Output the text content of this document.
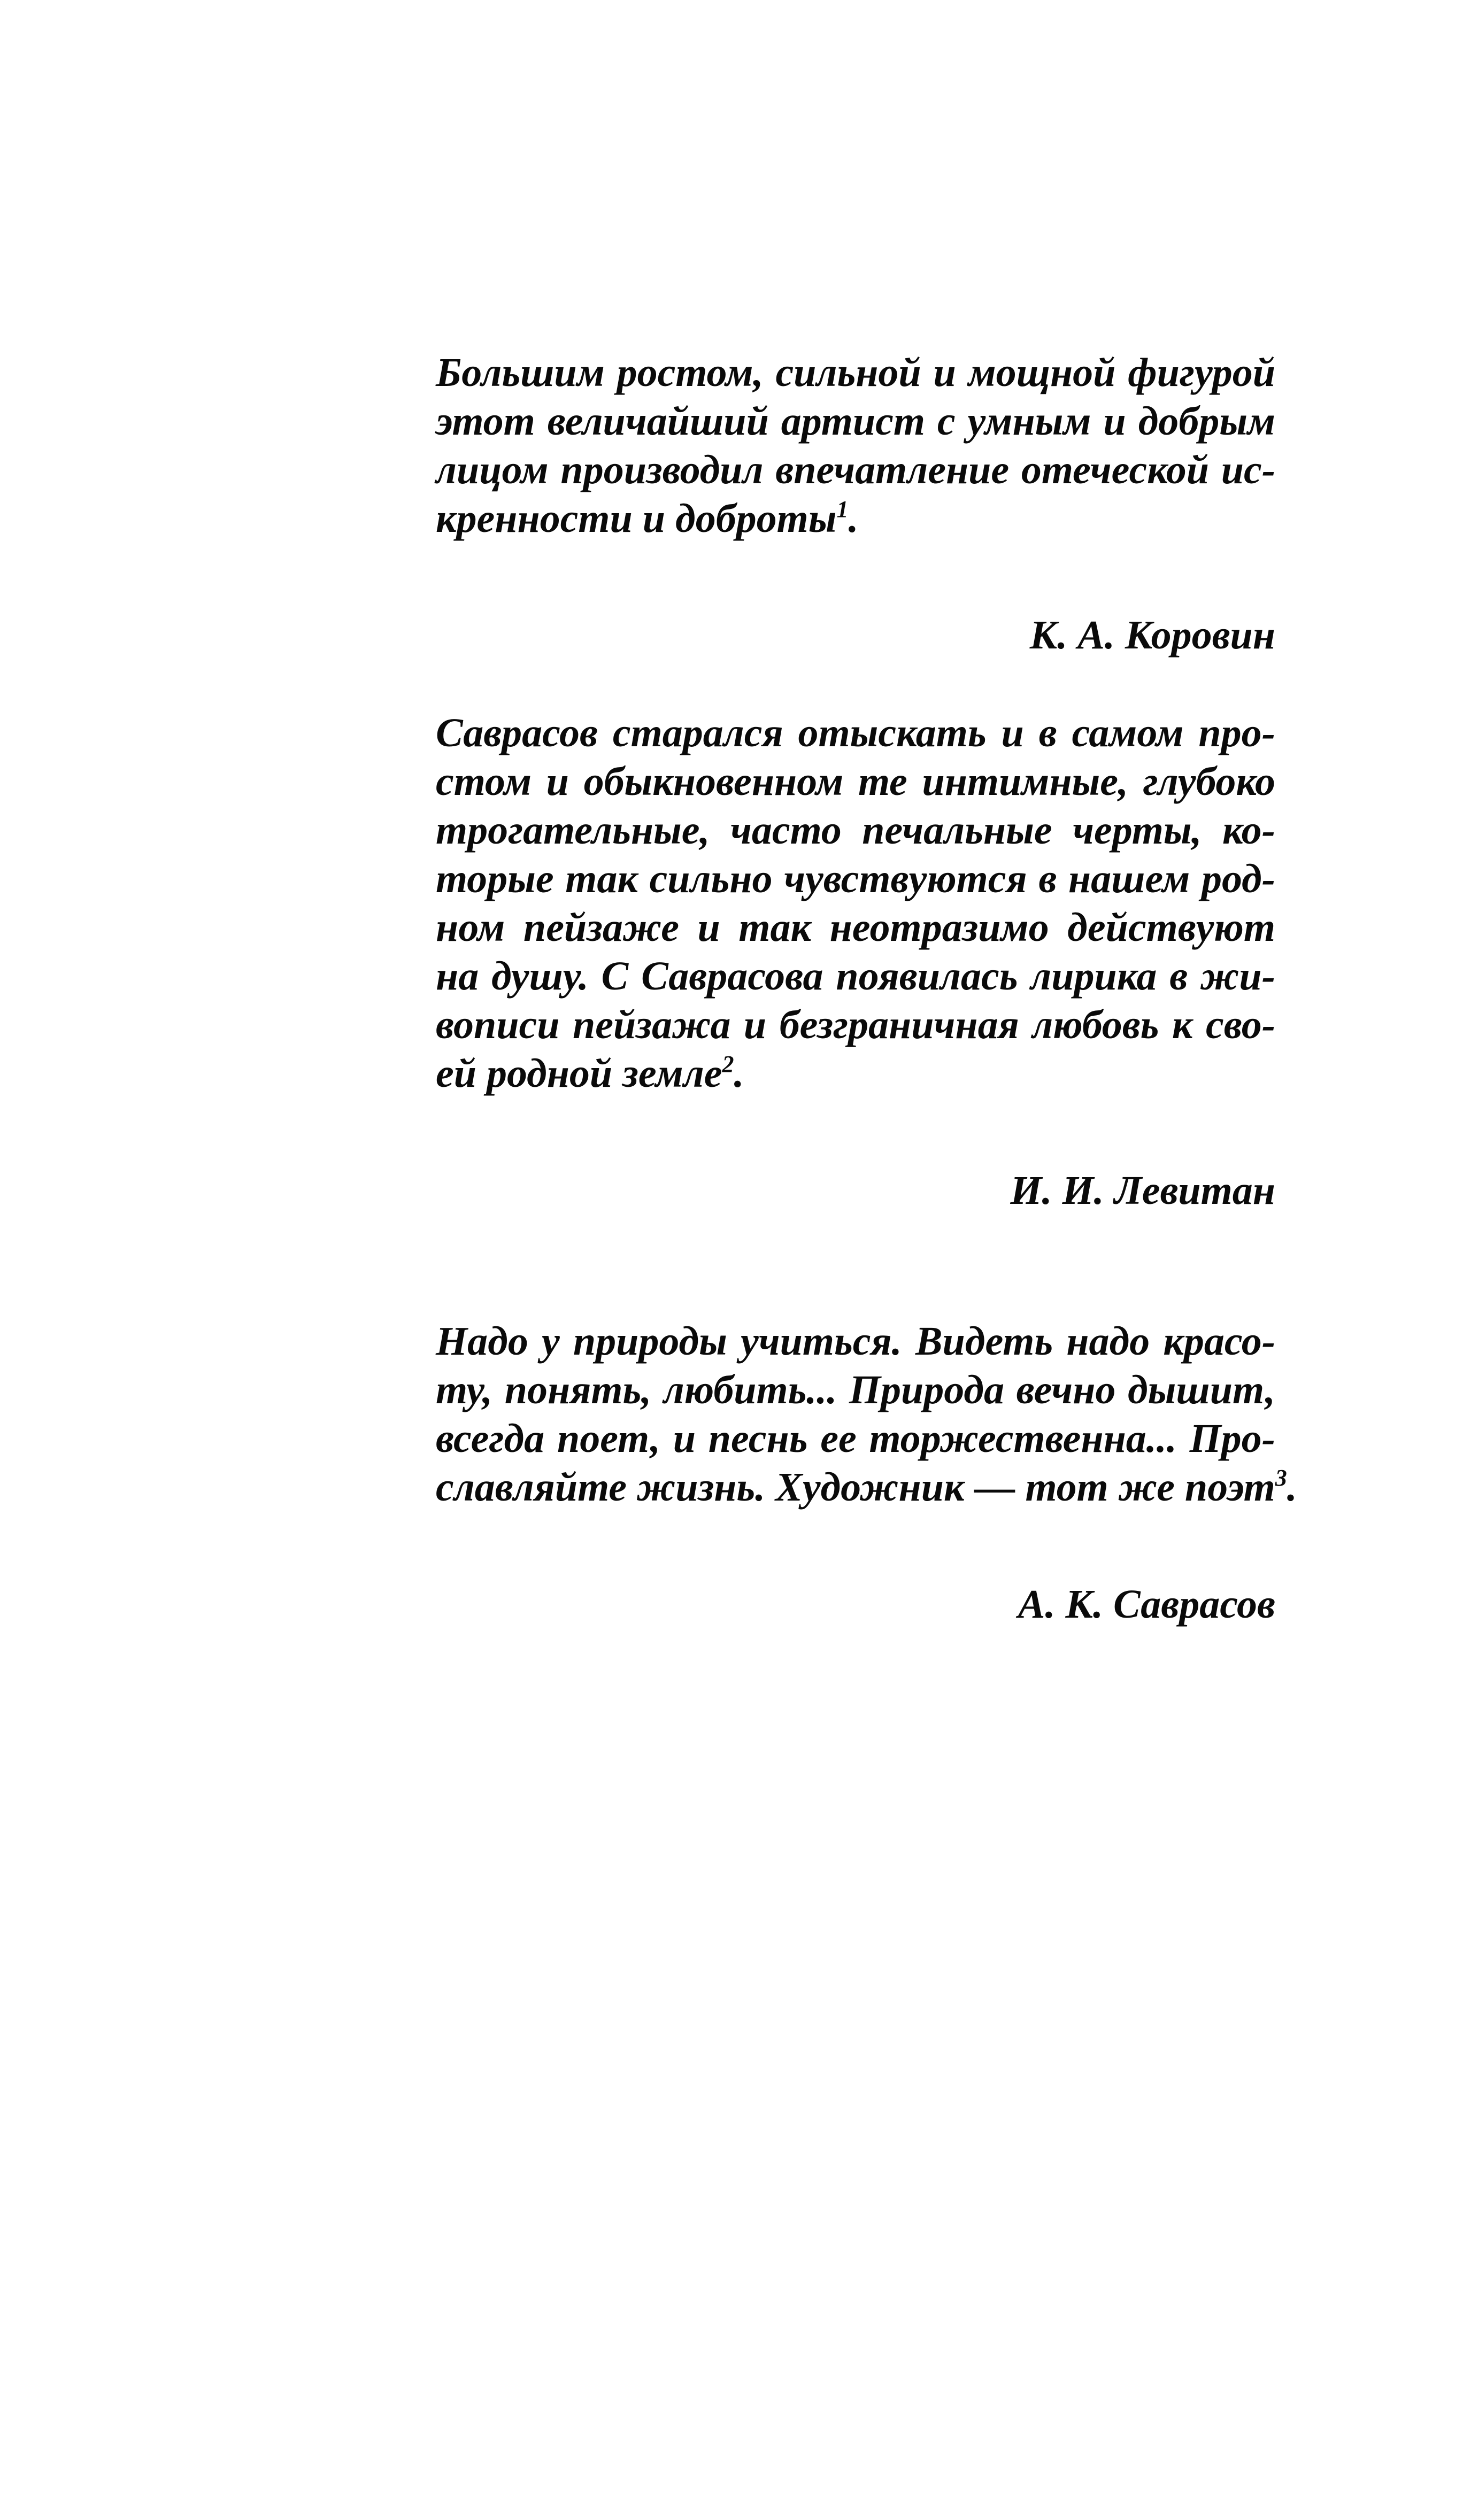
Большим ростом, сильной и мощной фигурой
этот величайший артист с умным и добрым
лицом производил впечатление отеческой ис-
кренности и доброты$^1$.

К. А. Коровин

Саврасов старался отыскать и в самом про-
стом и обыкновенном те интимные, глубоко
трогательные, часто печальные черты, ко-
торые так сильно чувствуются в нашем род-
ном пейзаже и так неотразимо действуют
на душу. С Саврасова появилась лирика в жи-
вописи пейзажа и безграничная любовь к сво-
ей родной земле$^2$.

И. И. Левитан

Надо у природы учиться. Видеть надо красо-
ту, понять, любить... Природа вечно дышит,
всегда поет, и песнь ее торжественна... Про-
славляйте жизнь. Художник — тот же поэт$^3$.

А. К. Саврасов
